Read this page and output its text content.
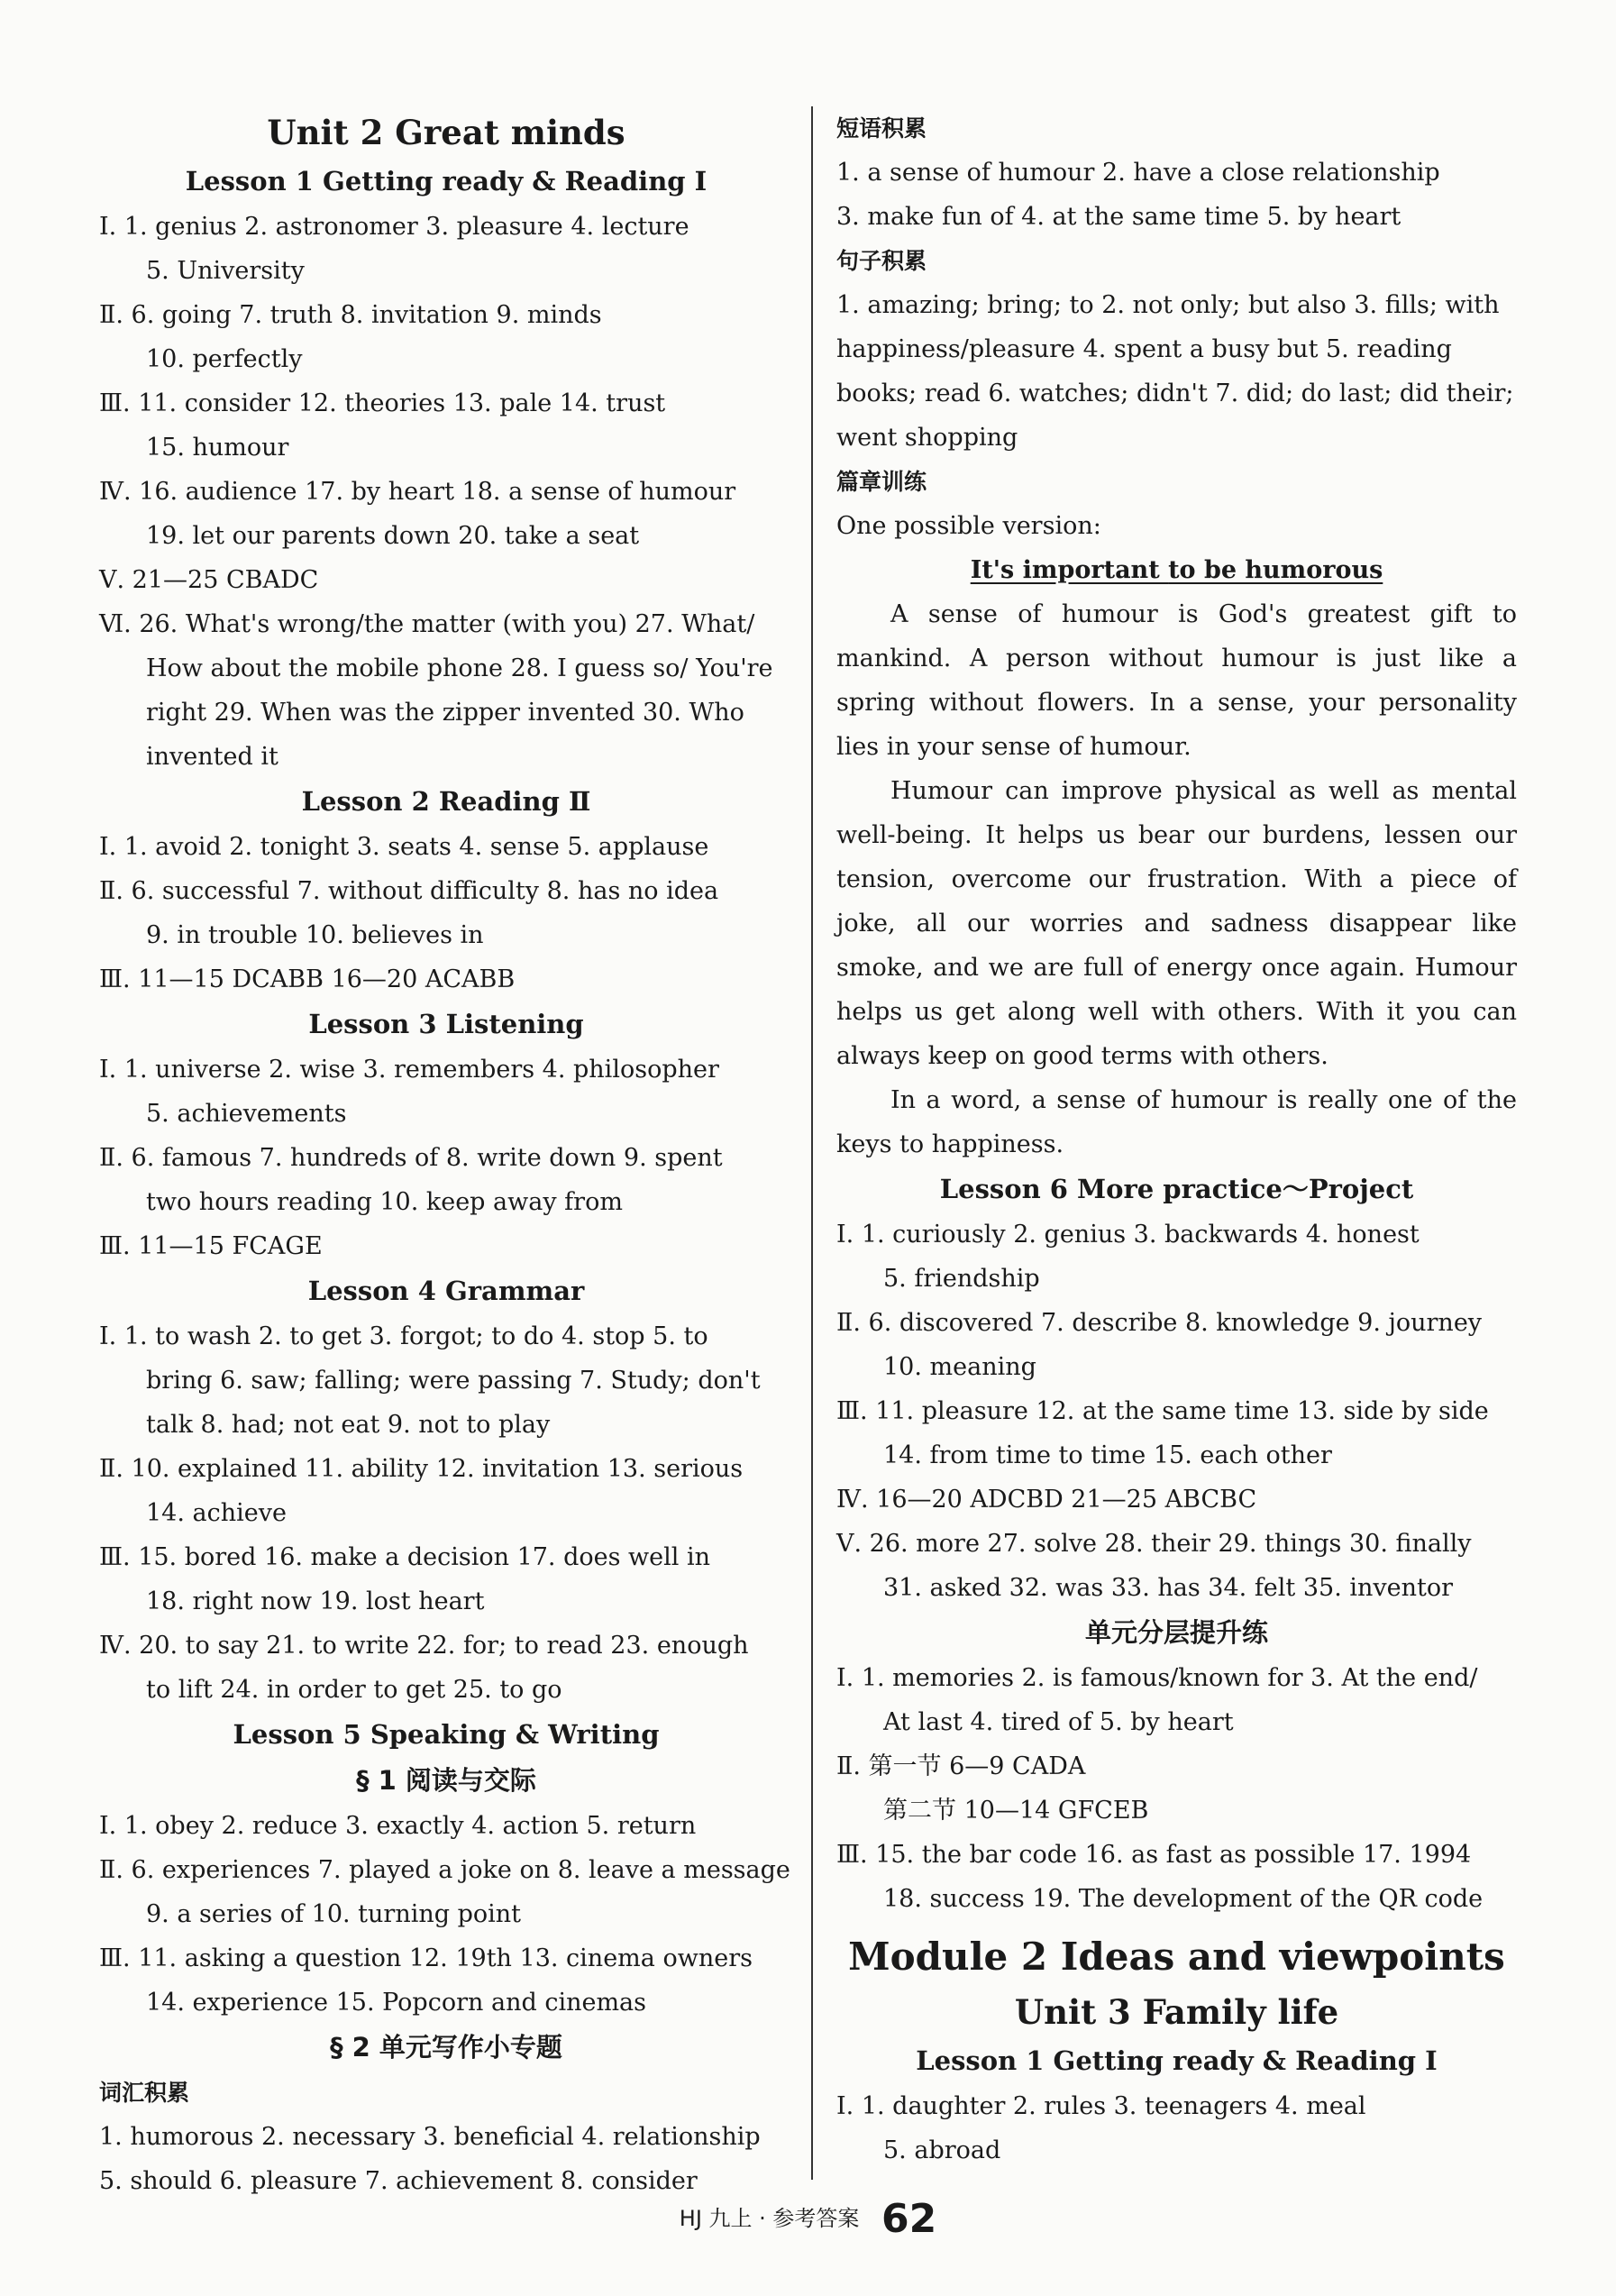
Unit 2 Great minds
Lesson 1 Getting ready & Reading Ⅰ
Ⅰ. 1. genius 2. astronomer 3. pleasure 4. lecture
5. University
Ⅱ. 6. going 7. truth 8. invitation 9. minds
10. perfectly
Ⅲ. 11. consider 12. theories 13. pale 14. trust
15. humour
Ⅳ. 16. audience 17. by heart 18. a sense of humour
19. let our parents down 20. take a seat
Ⅴ. 21—25 CBADC
Ⅵ. 26. What's wrong/the matter (with you) 27. What/
How about the mobile phone 28. I guess so/ You're
right 29. When was the zipper invented 30. Who
invented it
Lesson 2 Reading Ⅱ
Ⅰ. 1. avoid 2. tonight 3. seats 4. sense 5. applause
Ⅱ. 6. successful 7. without difficulty 8. has no idea
9. in trouble 10. believes in
Ⅲ. 11—15 DCABB 16—20 ACABB
Lesson 3 Listening
Ⅰ. 1. universe 2. wise 3. remembers 4. philosopher
5. achievements
Ⅱ. 6. famous 7. hundreds of 8. write down 9. spent
two hours reading 10. keep away from
Ⅲ. 11—15 FCAGE
Lesson 4 Grammar
Ⅰ. 1. to wash 2. to get 3. forgot; to do 4. stop 5. to
bring 6. saw; falling; were passing 7. Study; don't
talk 8. had; not eat 9. not to play
Ⅱ. 10. explained 11. ability 12. invitation 13. serious
14. achieve
Ⅲ. 15. bored 16. make a decision 17. does well in
18. right now 19. lost heart
Ⅳ. 20. to say 21. to write 22. for; to read 23. enough
to lift 24. in order to get 25. to go
Lesson 5 Speaking & Writing
§ 1 阅读与交际
Ⅰ. 1. obey 2. reduce 3. exactly 4. action 5. return
Ⅱ. 6. experiences 7. played a joke on 8. leave a message
9. a series of 10. turning point
Ⅲ. 11. asking a question 12. 19th 13. cinema owners
14. experience 15. Popcorn and cinemas
§ 2 单元写作小专题
词汇积累
1. humorous 2. necessary 3. beneficial 4. relationship
5. should 6. pleasure 7. achievement 8. consider
短语积累
1. a sense of humour 2. have a close relationship
3. make fun of 4. at the same time 5. by heart
句子积累
1. amazing; bring; to 2. not only; but also 3. fills; with
happiness/pleasure 4. spent a busy but 5. reading
books; read 6. watches; didn't 7. did; do last; did their;
went shopping
篇章训练
One possible version:
It's important to be humorous
A sense of humour is God's greatest gift to mankind. A person without humour is just like a spring without flowers. In a sense, your personality lies in your sense of humour.
Humour can improve physical as well as mental well-being. It helps us bear our burdens, lessen our tension, overcome our frustration. With a piece of joke, all our worries and sadness disappear like smoke, and we are full of energy once again. Humour helps us get along well with others. With it you can always keep on good terms with others.
In a word, a sense of humour is really one of the keys to happiness.
Lesson 6 More practice～Project
Ⅰ. 1. curiously 2. genius 3. backwards 4. honest
5. friendship
Ⅱ. 6. discovered 7. describe 8. knowledge 9. journey
10. meaning
Ⅲ. 11. pleasure 12. at the same time 13. side by side
14. from time to time 15. each other
Ⅳ. 16—20 ADCBD 21—25 ABCBC
Ⅴ. 26. more 27. solve 28. their 29. things 30. finally
31. asked 32. was 33. has 34. felt 35. inventor
单元分层提升练
Ⅰ. 1. memories 2. is famous/known for 3. At the end/
At last 4. tired of 5. by heart
Ⅱ. 第一节 6—9 CADA
第二节 10—14 GFCEB
Ⅲ. 15. the bar code 16. as fast as possible 17. 1994
18. success 19. The development of the QR code
Module 2 Ideas and viewpoints
Unit 3 Family life
Lesson 1 Getting ready & Reading Ⅰ
Ⅰ. 1. daughter 2. rules 3. teenagers 4. meal
5. abroad
HJ 九上 · 参考答案 62
